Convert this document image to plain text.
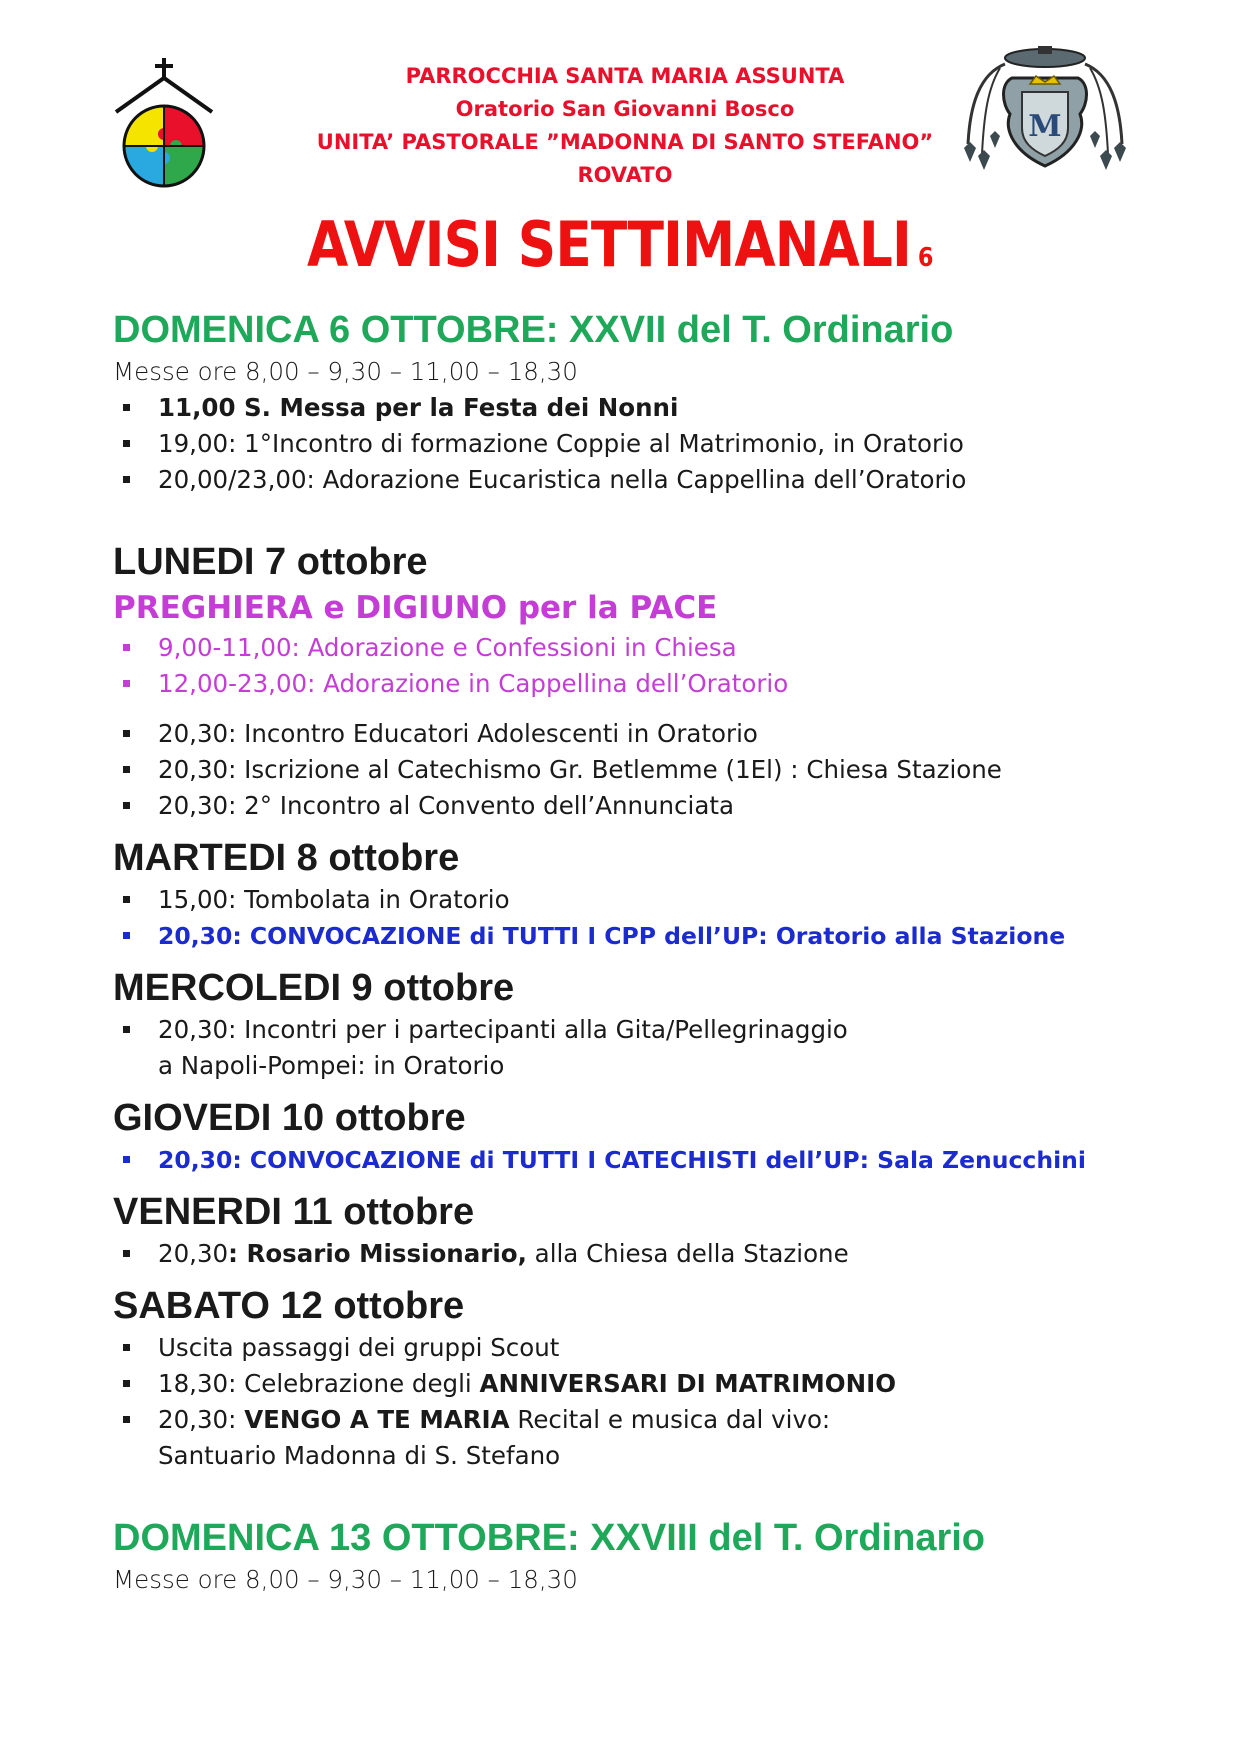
M
PARROCCHIA SANTA MARIA ASSUNTA
Oratorio San Giovanni Bosco
UNITA’ PASTORALE ”MADONNA DI SANTO STEFANO”
ROVATO
AVVISI SETTIMANALI 6
DOMENICA 6 OTTOBRE: XXVII del T. Ordinario
Messe ore 8,00 – 9,30 – 11,00 – 18,30
11,00 S. Messa per la Festa dei Nonni
19,00: 1°Incontro di formazione Coppie al Matrimonio, in Oratorio
20,00/23,00: Adorazione Eucaristica nella Cappellina dell’Oratorio
LUNEDI 7 ottobre
PREGHIERA e DIGIUNO per la PACE
9,00-11,00: Adorazione e Confessioni in Chiesa
12,00-23,00: Adorazione in Cappellina dell’Oratorio
20,30: Incontro Educatori Adolescenti in Oratorio
20,30: Iscrizione al Catechismo Gr. Betlemme (1El) : Chiesa Stazione
20,30: 2° Incontro al Convento dell’Annunciata
MARTEDI 8 ottobre
15,00: Tombolata in Oratorio
20,30: CONVOCAZIONE di TUTTI I CPP dell’UP: Oratorio alla Stazione
MERCOLEDI 9 ottobre
20,30: Incontri per i partecipanti alla Gita/Pellegrinaggio
a Napoli-Pompei: in Oratorio
GIOVEDI 10 ottobre
20,30: CONVOCAZIONE di TUTTI I CATECHISTI dell’UP: Sala Zenucchini
VENERDI 11 ottobre
20,30: Rosario Missionario, alla Chiesa della Stazione
SABATO 12 ottobre
Uscita passaggi dei gruppi Scout
18,30: Celebrazione degli ANNIVERSARI DI MATRIMONIO
20,30: VENGO A TE MARIA Recital e musica dal vivo:
Santuario Madonna di S. Stefano
DOMENICA 13 OTTOBRE: XXVIII del T. Ordinario
Messe ore 8,00 – 9,30 – 11,00 – 18,30
